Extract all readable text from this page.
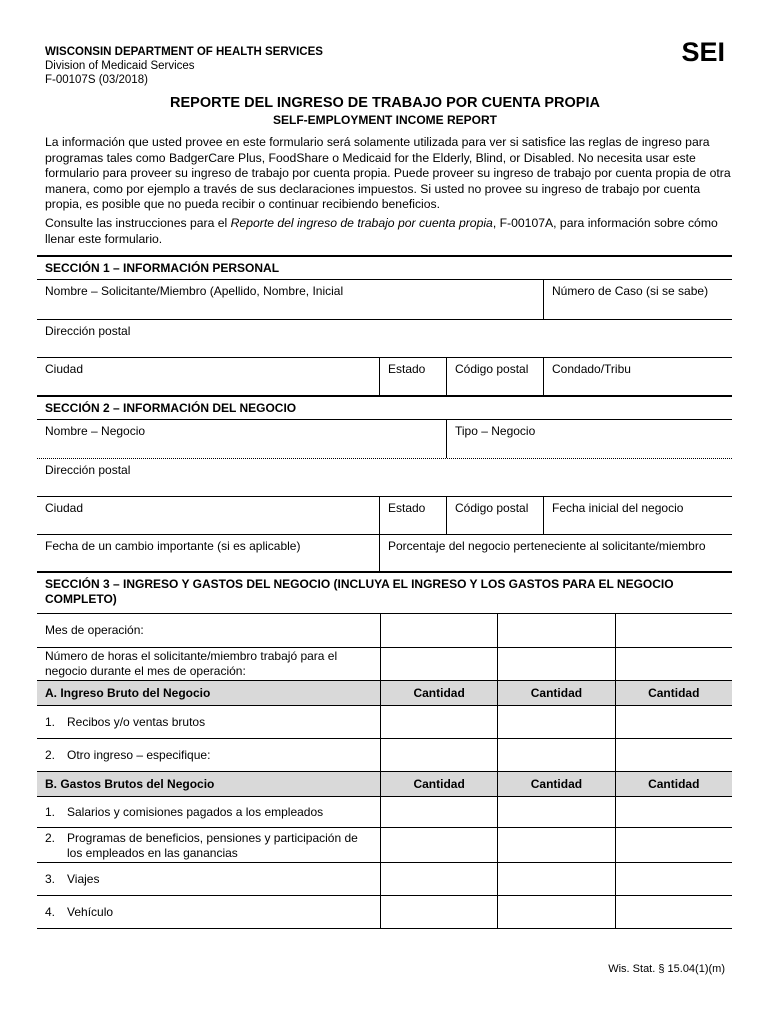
WISCONSIN DEPARTMENT OF HEALTH SERVICES
Division of Medicaid Services
F-00107S (03/2018)
SEI
REPORTE DEL INGRESO DE TRABAJO POR CUENTA PROPIA
SELF-EMPLOYMENT INCOME REPORT
La información que usted provee en este formulario será solamente utilizada para ver si satisfice las reglas de ingreso para programas tales como BadgerCare Plus, FoodShare o Medicaid for the Elderly, Blind, or Disabled. No necesita usar este formulario para proveer su ingreso de trabajo por cuenta propia. Puede proveer su ingreso de trabajo por cuenta propia de otra manera, como por ejemplo a través de sus declaraciones impuestos. Si usted no provee su ingreso de trabajo por cuenta propia, es posible que no pueda recibir o continuar recibiendo beneficios.
Consulte las instrucciones para el Reporte del ingreso de trabajo por cuenta propia, F-00107A, para información sobre cómo llenar este formulario.
SECCIÓN 1 – INFORMACIÓN PERSONAL
Nombre – Solicitante/Miembro (Apellido, Nombre, Inicial	Número de Caso (si se sabe)
Dirección postal
Ciudad	Estado	Código postal	Condado/Tribu
SECCIÓN 2 – INFORMACIÓN DEL NEGOCIO
Nombre – Negocio	Tipo – Negocio
Dirección postal
Ciudad	Estado	Código postal	Fecha inicial del negocio
Fecha de un cambio importante (si es aplicable)	Porcentaje del negocio perteneciente al solicitante/miembro
SECCIÓN 3 – INGRESO Y GASTOS DEL NEGOCIO (INCLUYA EL INGRESO Y LOS GASTOS PARA EL NEGOCIO COMPLETO)
Mes de operación:
Número de horas el solicitante/miembro trabajó para el negocio durante el mes de operación:
A. Ingreso Bruto del Negocio	Cantidad	Cantidad	Cantidad
1. Recibos y/o ventas brutos
2. Otro ingreso – especifique:
B. Gastos Brutos del Negocio	Cantidad	Cantidad	Cantidad
1. Salarios y comisiones pagados a los empleados
2. Programas de beneficios, pensiones y participación de los empleados en las ganancias
3. Viajes
4. Vehículo
Wis. Stat. § 15.04(1)(m)
